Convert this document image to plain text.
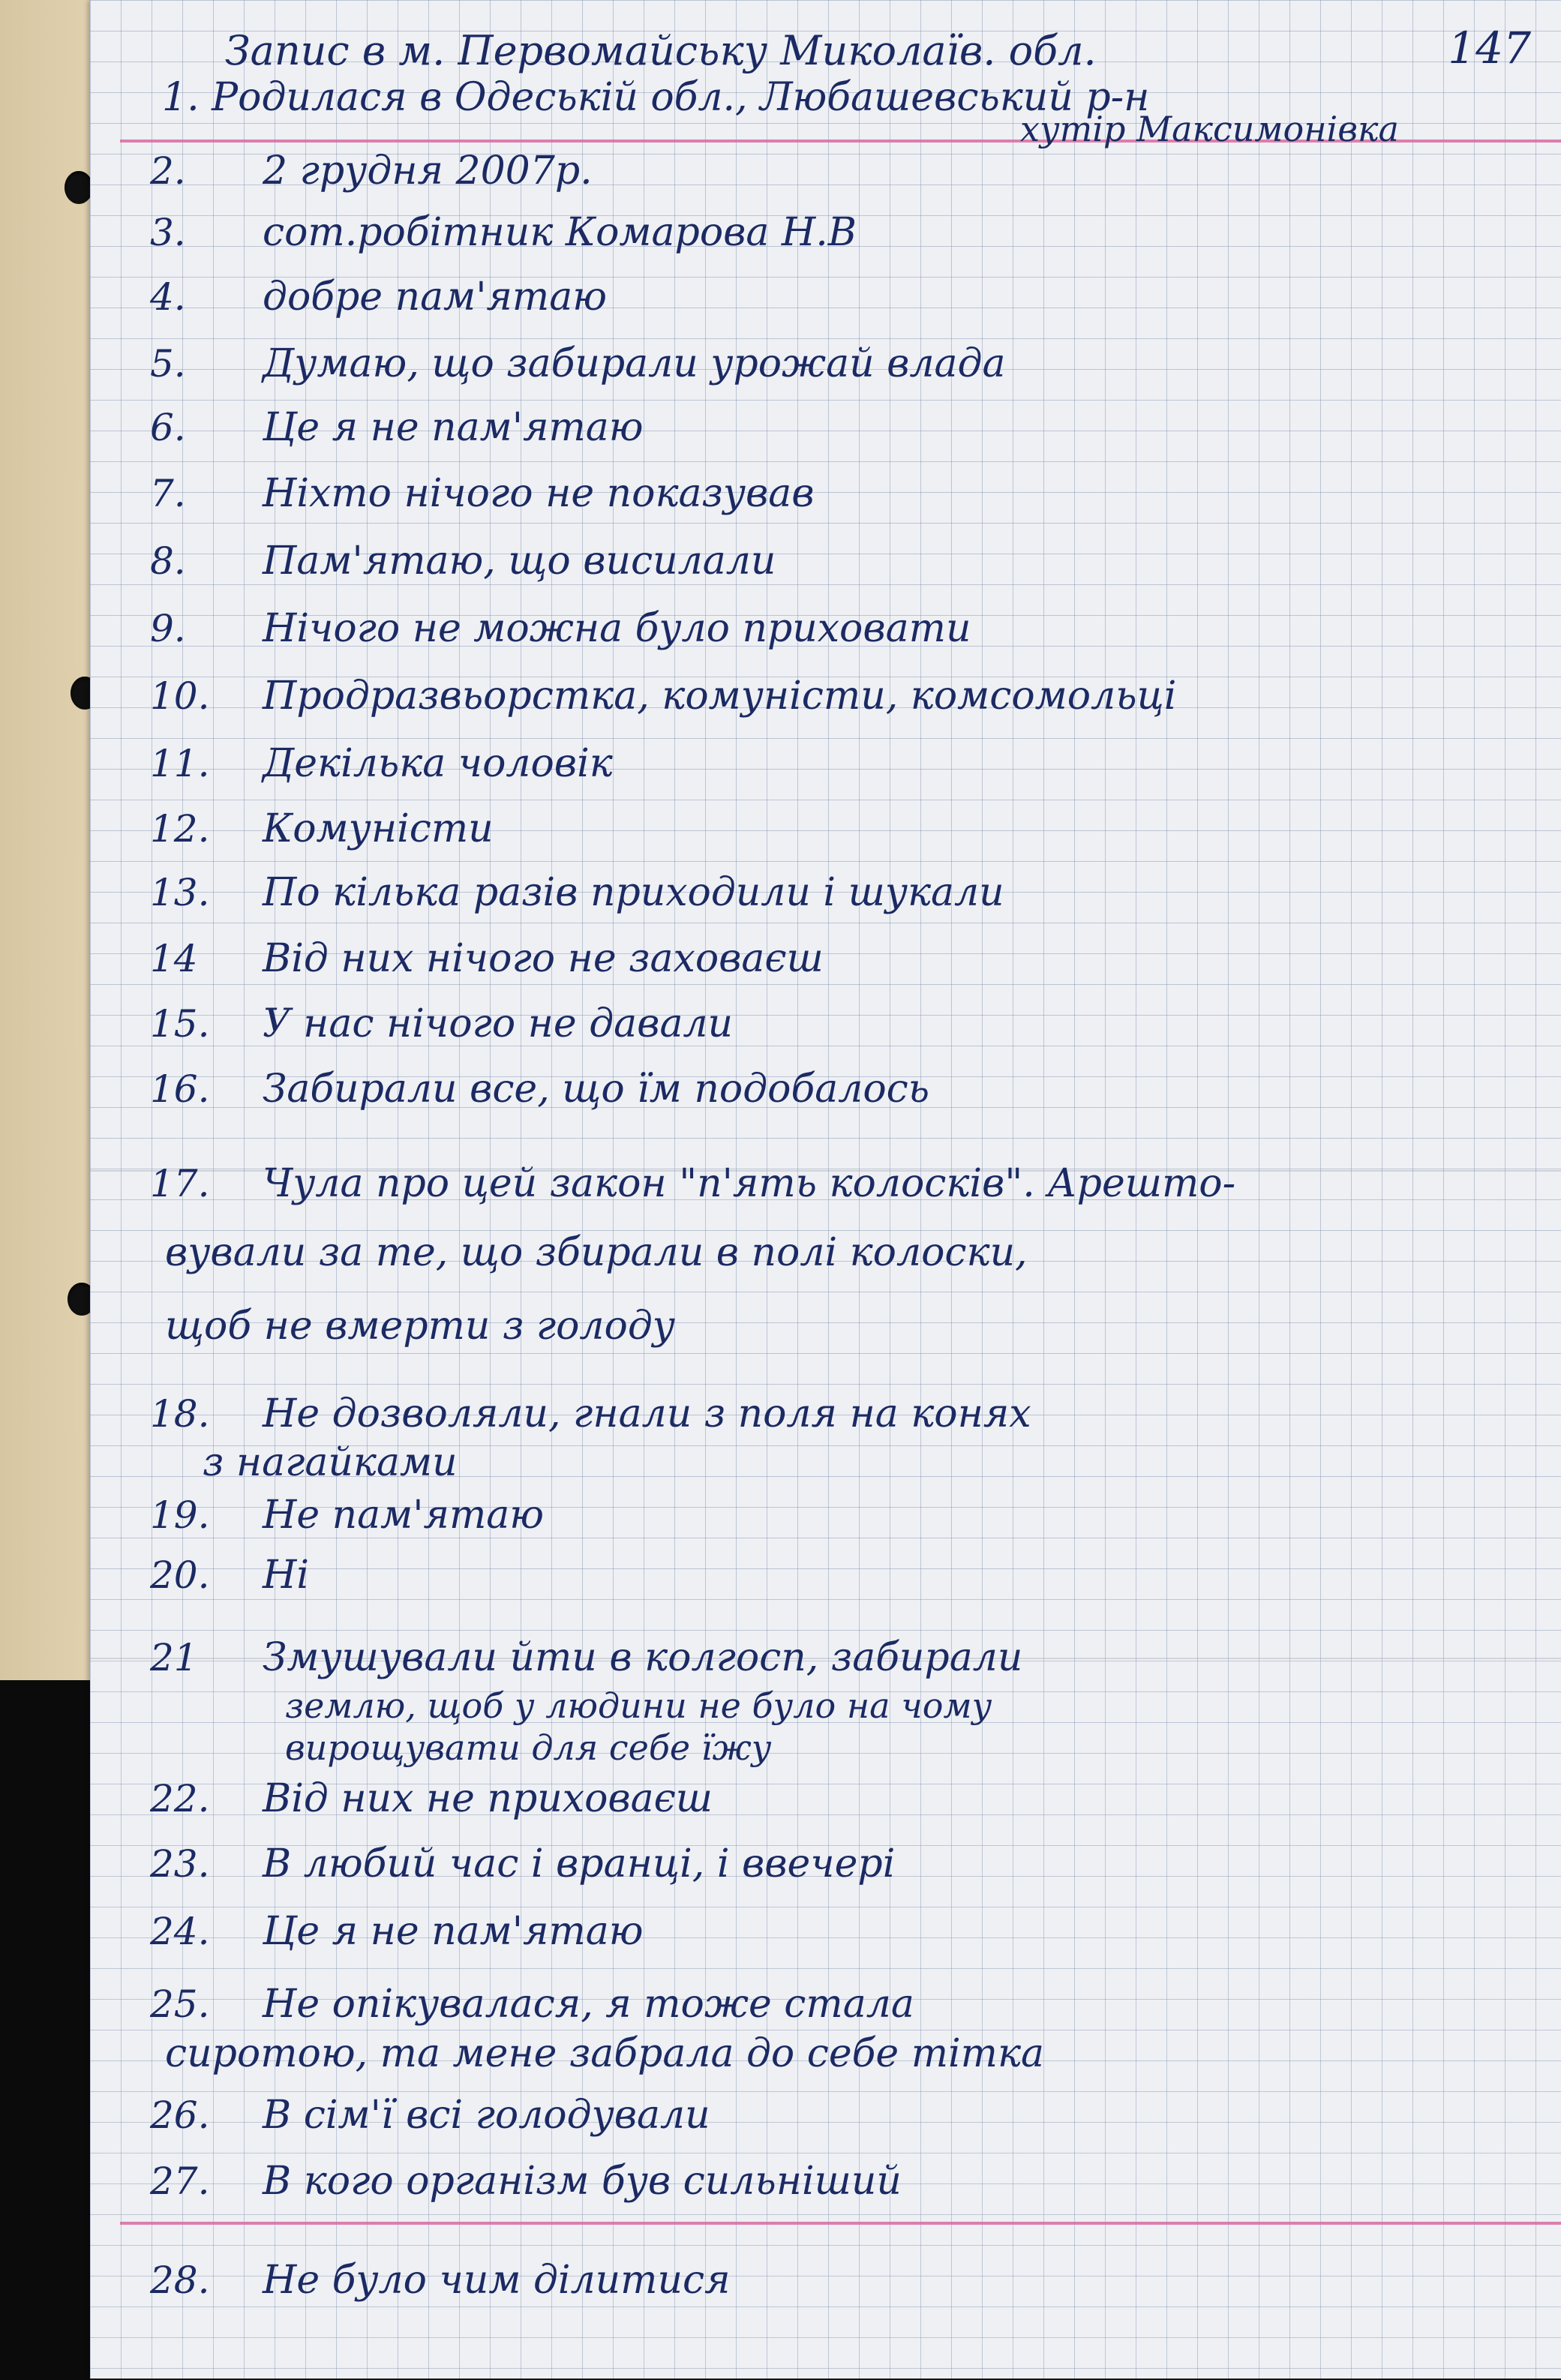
147
Запис в м. Первомайську Миколаїв. обл.
1. Родилася в Одеській обл., Любашевський р-н
хутір Максимонівка
2. 2 грудня 2007р.
3. сот.робітник Комарова Н.В
4. добре пам'ятаю
5. Думаю, що забирали урожай влада
6. Це я не пам'ятаю
7. Ніхто нічого не показував
8. Пам'ятаю, що висилали
9. Нічого не можна було приховати
10. Продразвьорстка, комуністи, комсомольці
11. Декілька чоловік
12. Комуністи
13. По кілька разів приходили і шукали
14 Від них нічого не заховаєш
15. У нас нічого не давали
16. Забирали все, що їм подобалось
17. Чула про цей закон "п'ять колосків". Арешто-
вували за те, що збирали в полі колоски,
щоб не вмерти з голоду
18. Не дозволяли, гнали з поля на конях
з нагайками
19. Не пам'ятаю
20. Ні
21 Змушували йти в колгосп, забирали
землю, щоб у людини не було на чому
вирощувати для себе їжу
22. Від них не приховаєш
23. В любий час і вранці, і ввечері
24. Це я не пам'ятаю
25. Не опікувалася, я тоже стала
сиротою, та мене забрала до себе тітка
26. В сім'ї всі голодували
27. В кого організм був сильніший
28. Не було чим ділитися
